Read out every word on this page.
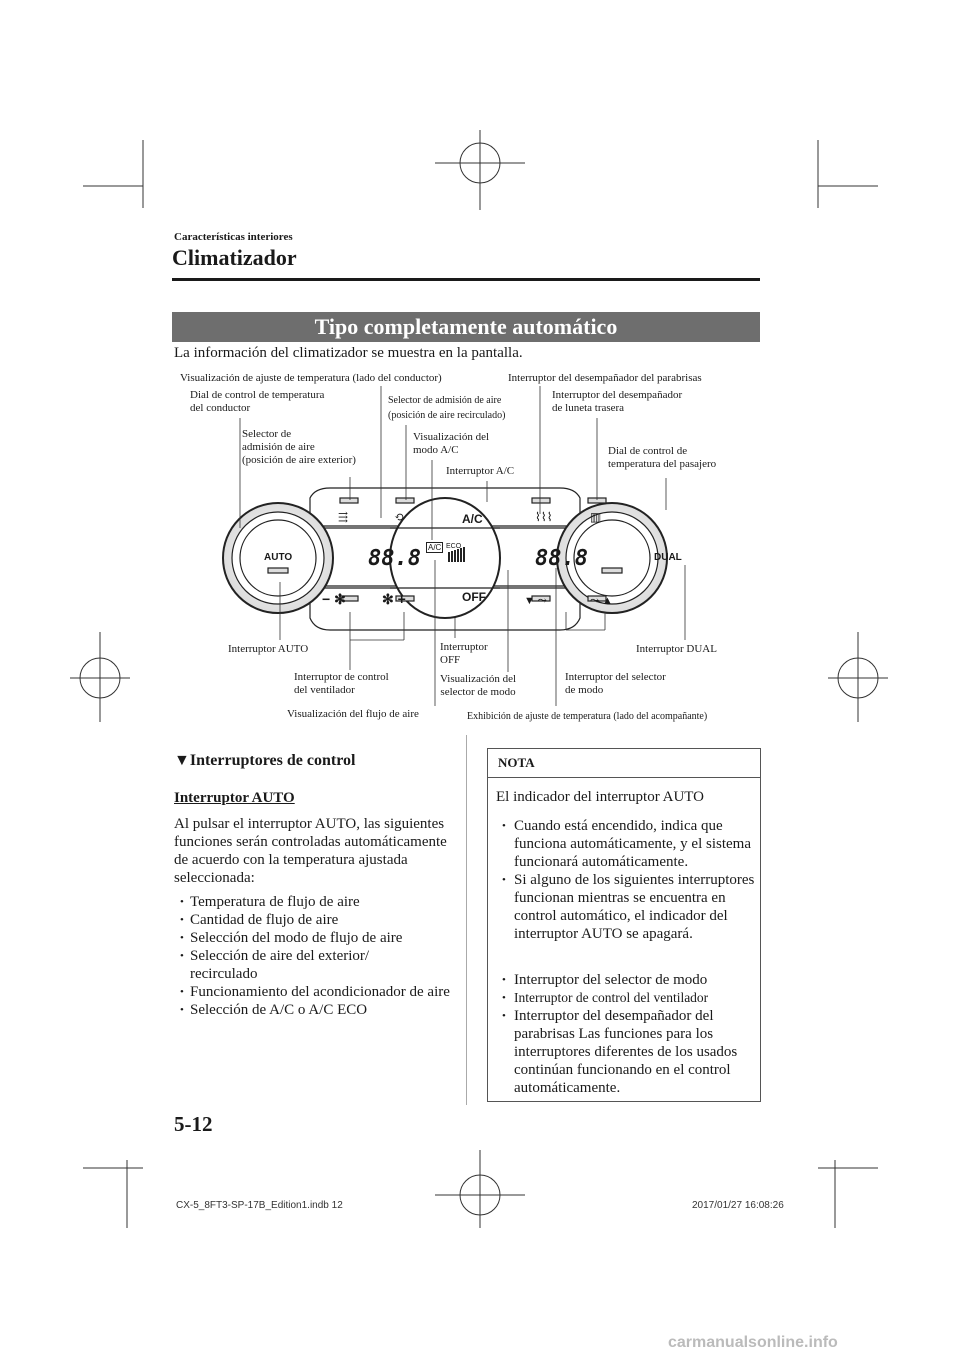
Características interiores
Climatizador
Tipo completamente automático
La información del climatizador se muestra en la pantalla.
AUTO	DUAL
A/C
OFF
A/C ECO
88.8	88.8
− ✻	✻ +	▼ ⤳	⤳ ▲
⌇⌇⌇	▥
⟲
⇶
Visualización de ajuste de temperatura (lado del conductor)	Interruptor del desempañador del parabrisas
Dial de control de temperatura
del conductor
Selector de admisión de aire
(posición de aire recirculado)
Interruptor del desempañador
de luneta trasera
Selector de
admisión de aire
(posición de aire exterior)
Visualización del
modo A/C
Interruptor A/C
Dial de control de
temperatura del pasajero
Interruptor AUTO	Interruptor
OFF
Interruptor DUAL
Interruptor de control
del ventilador
Visualización del
selector de modo
Interruptor del selector
de modo
Visualización del flujo de aire	Exhibición de ajuste de temperatura (lado del acompañante)
▼Interruptores de control
Interruptor AUTO
Al pulsar el interruptor AUTO, las siguientes funciones serán controladas automáticamente de acuerdo con la temperatura ajustada seleccionada:
• Temperatura de flujo de aire
• Cantidad de flujo de aire
• Selección del modo de flujo de aire
• Selección de aire del exterior/ recirculado
• Funcionamiento del acondicionador de aire
• Selección de A/C o A/C ECO
NOTA
El indicador del interruptor AUTO
• Cuando está encendido, indica que funciona automáticamente, y el sistema funcionará automáticamente.
• Si alguno de los siguientes interruptores funcionan mientras se encuentra en control automático, el indicador del interruptor AUTO se apagará.
• Interruptor del selector de modo
• Interruptor de control del ventilador
• Interruptor del desempañador del parabrisas Las funciones para los interruptores diferentes de los usados continúan funcionando en el control automáticamente.
5-12
CX-5_8FT3-SP-17B_Edition1.indb 12	2017/01/27 16:08:26
carmanualsonline.info
